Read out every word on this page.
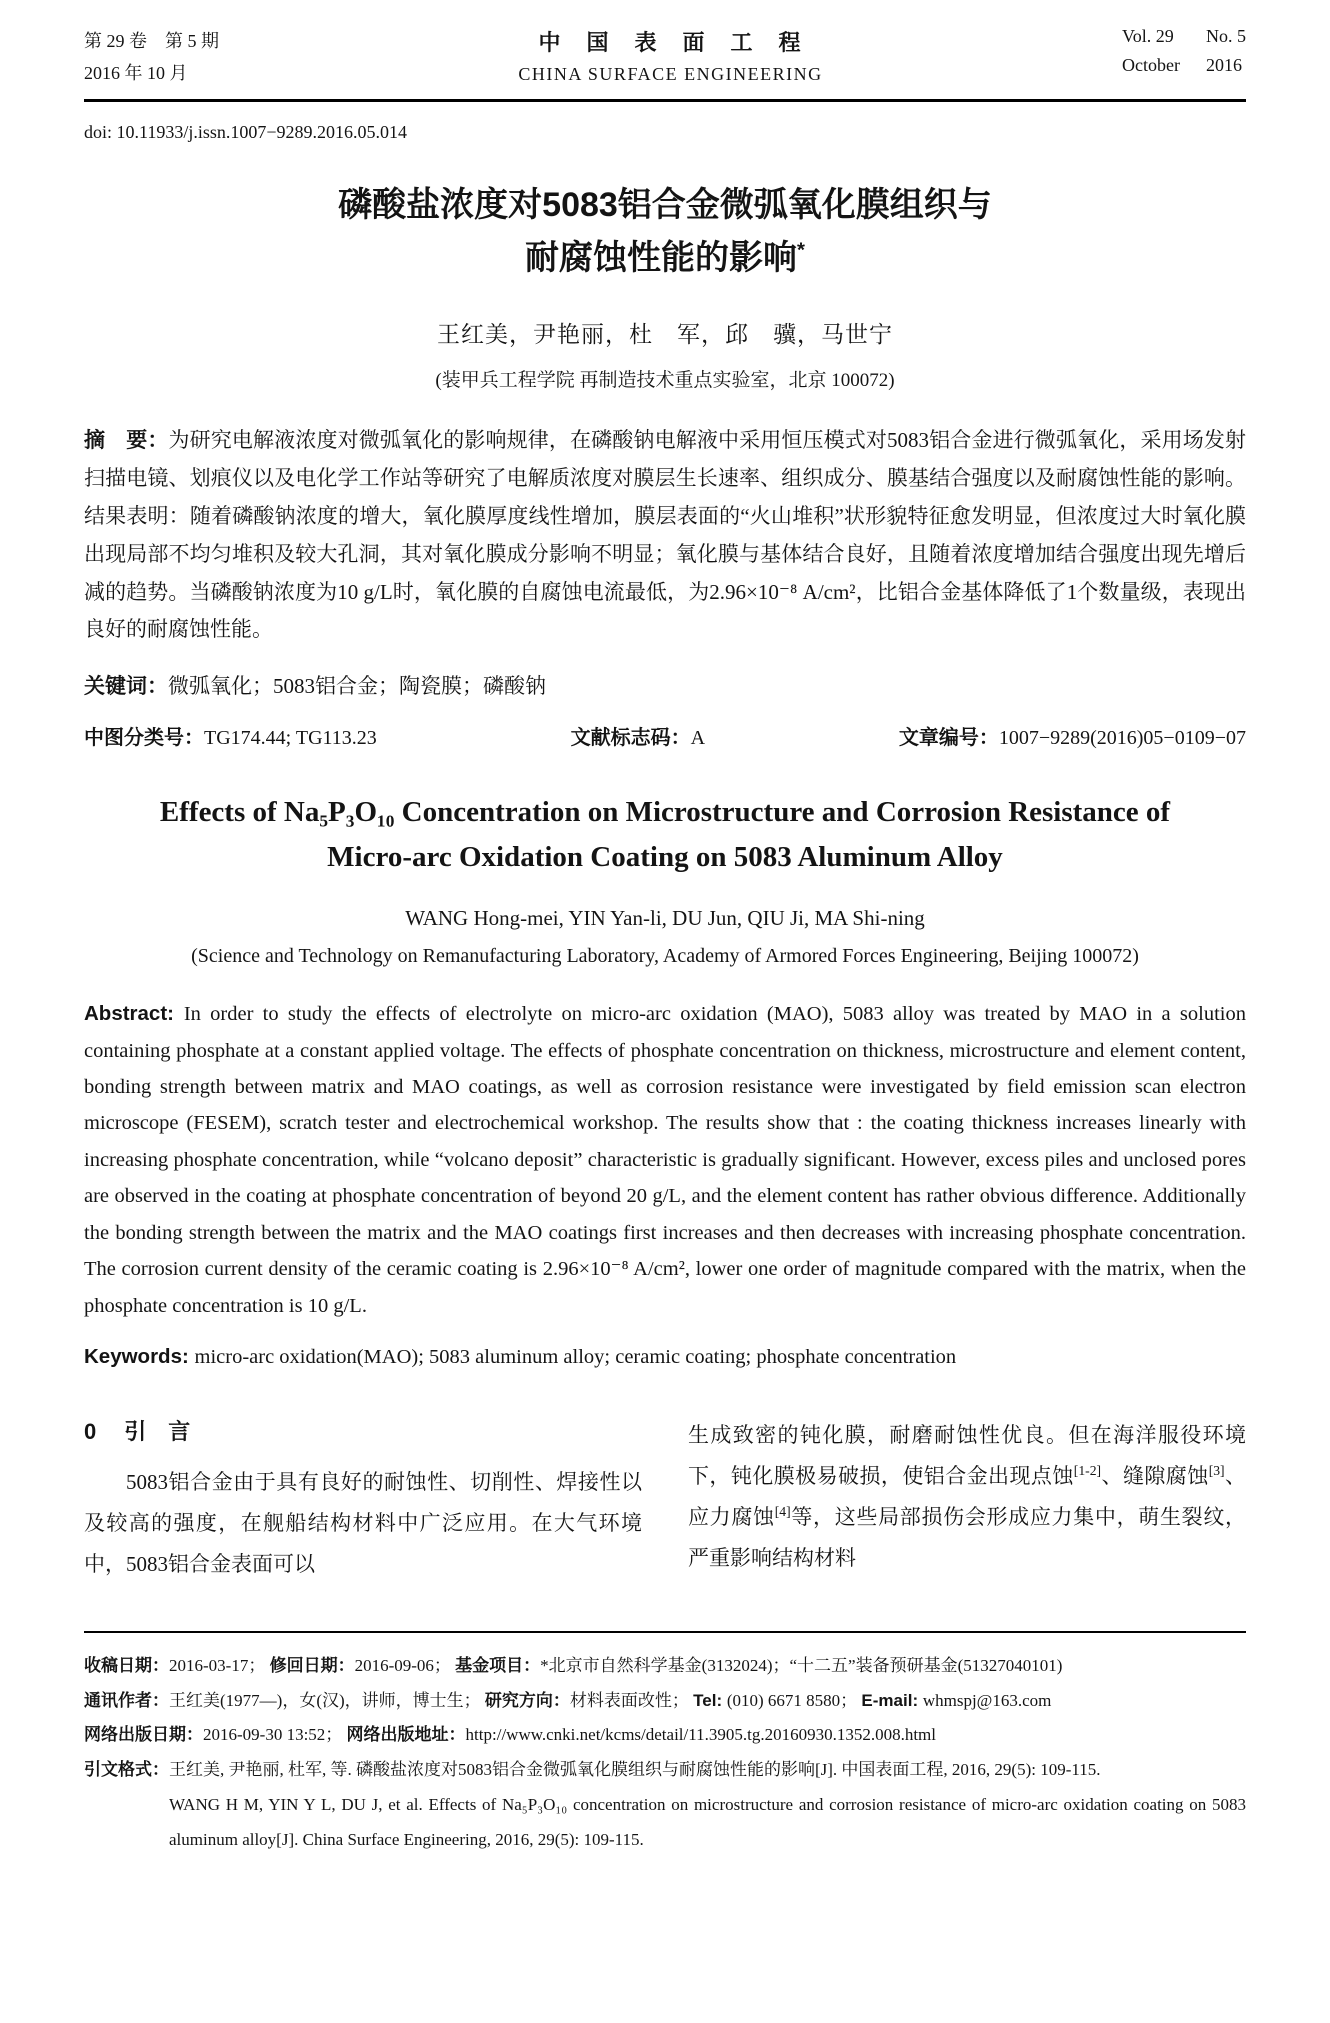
第 29 卷　第 5 期
2016 年 10 月
中　国　表　面　工　程
CHINA SURFACE ENGINEERING
Vol. 29	No. 5
October 2016
doi: 10.11933/j.issn.1007−9289.2016.05.014
磷酸盐浓度对5083铝合金微弧氧化膜组织与
耐腐蚀性能的影响*
王红美，尹艳丽，杜　军，邱　骥，马世宁
(装甲兵工程学院 再制造技术重点实验室，北京 100072)

摘　要：为研究电解液浓度对微弧氧化的影响规律，在磷酸钠电解液中采用恒压模式对5083铝合金进行微弧氧化，采用场发射扫描电镜、划痕仪以及电化学工作站等研究了电解质浓度对膜层生长速率、组织成分、膜基结合强度以及耐腐蚀性能的影响。结果表明：随着磷酸钠浓度的增大，氧化膜厚度线性增加，膜层表面的“火山堆积”状形貌特征愈发明显，但浓度过大时氧化膜出现局部不均匀堆积及较大孔洞，其对氧化膜成分影响不明显；氧化膜与基体结合良好，且随着浓度增加结合强度出现先增后减的趋势。当磷酸钠浓度为10 g/L时，氧化膜的自腐蚀电流最低，为2.96×10⁻⁸ A/cm²，比铝合金基体降低了1个数量级，表现出良好的耐腐蚀性能。

关键词：微弧氧化；5083铝合金；陶瓷膜；磷酸钠

中图分类号：TG174.44; TG113.23	文献标志码：A	文章编号：1007−9289(2016)05−0109−07
Effects of Na₅P₃O₁₀ Concentration on Microstructure and Corrosion Resistance of
Micro-arc Oxidation Coating on 5083 Aluminum Alloy
WANG Hong-mei, YIN Yan-li, DU Jun, QIU Ji, MA Shi-ning
(Science and Technology on Remanufacturing Laboratory, Academy of Armored Forces Engineering, Beijing 100072)

Abstract: In order to study the effects of electrolyte on micro-arc oxidation (MAO), 5083 alloy was treated by MAO in a solution containing phosphate at a constant applied voltage. The effects of phosphate concentration on thickness, microstructure and element content, bonding strength between matrix and MAO coatings, as well as corrosion resistance were investigated by field emission scan electron microscope (FESEM), scratch tester and electrochemical workshop. The results show that : the coating thickness increases linearly with increasing phosphate concentration, while “volcano deposit” characteristic is gradually significant. However, excess piles and unclosed pores are observed in the coating at phosphate concentration of beyond 20 g/L, and the element content has rather obvious difference. Additionally the bonding strength between the matrix and the MAO coatings first increases and then decreases with increasing phosphate concentration. The corrosion current density of the ceramic coating is 2.96×10⁻⁸ A/cm², lower one order of magnitude compared with the matrix, when the phosphate concentration is 10 g/L.

Keywords: micro-arc oxidation(MAO); 5083 aluminum alloy; ceramic coating; phosphate concentration

0 引　言

5083铝合金由于具有良好的耐蚀性、切削性、焊接性以及较高的强度，在舰船结构材料中广泛应用。在大气环境中，5083铝合金表面可以

生成致密的钝化膜，耐磨耐蚀性优良。但在海洋服役环境下，钝化膜极易破损，使铝合金出现点蚀[1-2]、缝隙腐蚀[3]、应力腐蚀[4]等，这些局部损伤会形成应力集中，萌生裂纹，严重影响结构材料

收稿日期：2016-03-17； 修回日期：2016-09-06； 基金项目：*北京市自然科学基金(3132024)；“十二五”装备预研基金(51327040101)
通讯作者：王红美(1977—)，女(汉)，讲师，博士生； 研究方向：材料表面改性； Tel: (010) 6671 8580； E-mail: whmspj@163.com
网络出版日期：2016-09-30 13:52； 网络出版地址：http://www.cnki.net/kcms/detail/11.3905.tg.20160930.1352.008.html
引文格式： 王红美, 尹艳丽, 杜军, 等. 磷酸盐浓度对5083铝合金微弧氧化膜组织与耐腐蚀性能的影响[J]. 中国表面工程, 2016, 29(5): 109-115.

WANG H M, YIN Y L, DU J, et al. Effects of Na₅P₃O₁₀ concentration on microstructure and corrosion resistance of micro-arc oxidation coating on 5083 aluminum alloy[J]. China Surface Engineering, 2016, 29(5): 109-115.
